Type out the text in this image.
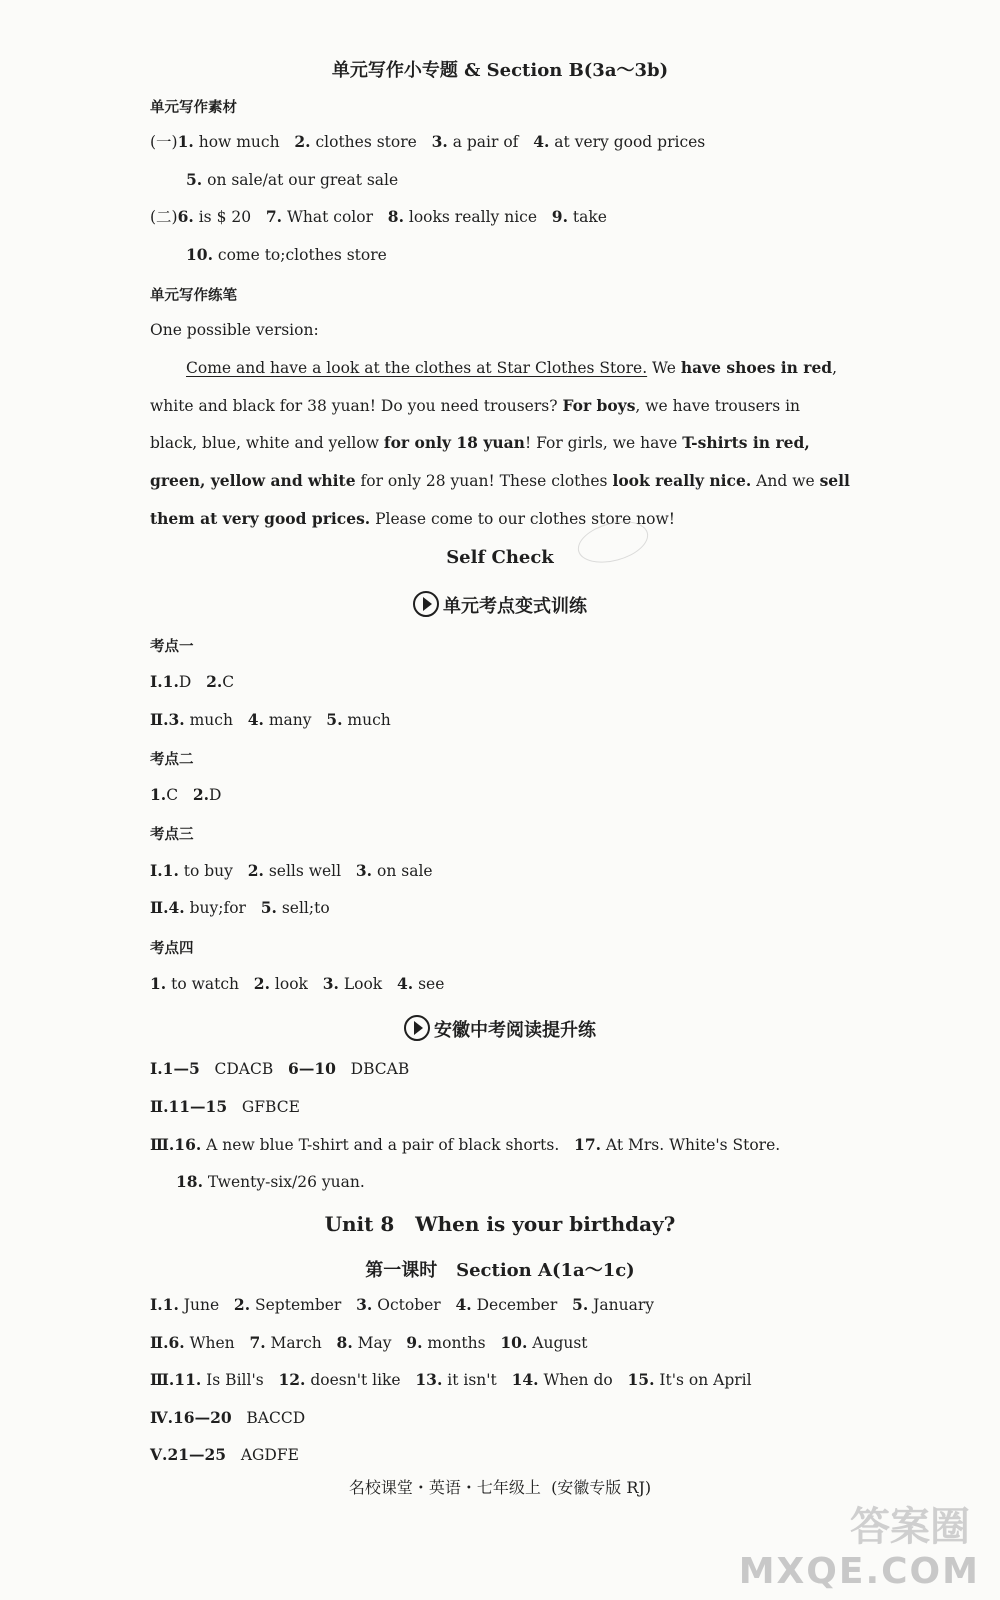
单元写作小专题 & Section B(3a～3b)
单元写作素材
(一)1. how much 2. clothes store 3. a pair of 4. at very good prices
5. on sale/at our great sale
(二)6. is $ 20 7. What color 8. looks really nice 9. take
10. come to;clothes store
单元写作练笔
One possible version:
Come and have a look at the clothes at Star Clothes Store. We have shoes in red,
white and black for 38 yuan! Do you need trousers? For boys, we have trousers in
black, blue, white and yellow for only 18 yuan! For girls, we have T-shirts in red,
green, yellow and white for only 28 yuan! These clothes look really nice. And we sell
them at very good prices. Please come to our clothes store now!
Self Check
单元考点变式训练
考点一
Ⅰ.1.D 2.C
Ⅱ.3. much 4. many 5. much
考点二
1.C 2.D
考点三
Ⅰ.1. to buy 2. sells well 3. on sale
Ⅱ.4. buy;for 5. sell;to
考点四
1. to watch 2. look 3. Look 4. see
安徽中考阅读提升练
Ⅰ.1—5 CDACB 6—10 DBCAB
Ⅱ.11—15 GFBCE
Ⅲ.16. A new blue T-shirt and a pair of black shorts. 17. At Mrs. White's Store.
18. Twenty-six/26 yuan.
Unit 8   When is your birthday?
第一课时   Section A(1a～1c)
Ⅰ.1. June 2. September 3. October 4. December 5. January
Ⅱ.6. When 7. March 8. May 9. months 10. August
Ⅲ.11. Is Bill's 12. doesn't like 13. it isn't 14. When do 15. It's on April
Ⅳ.16—20 BACCD
Ⅴ.21—25 AGDFE
名校课堂・英语・七年级上  (安徽专版 RJ)
答案圈
MXQE.COM
